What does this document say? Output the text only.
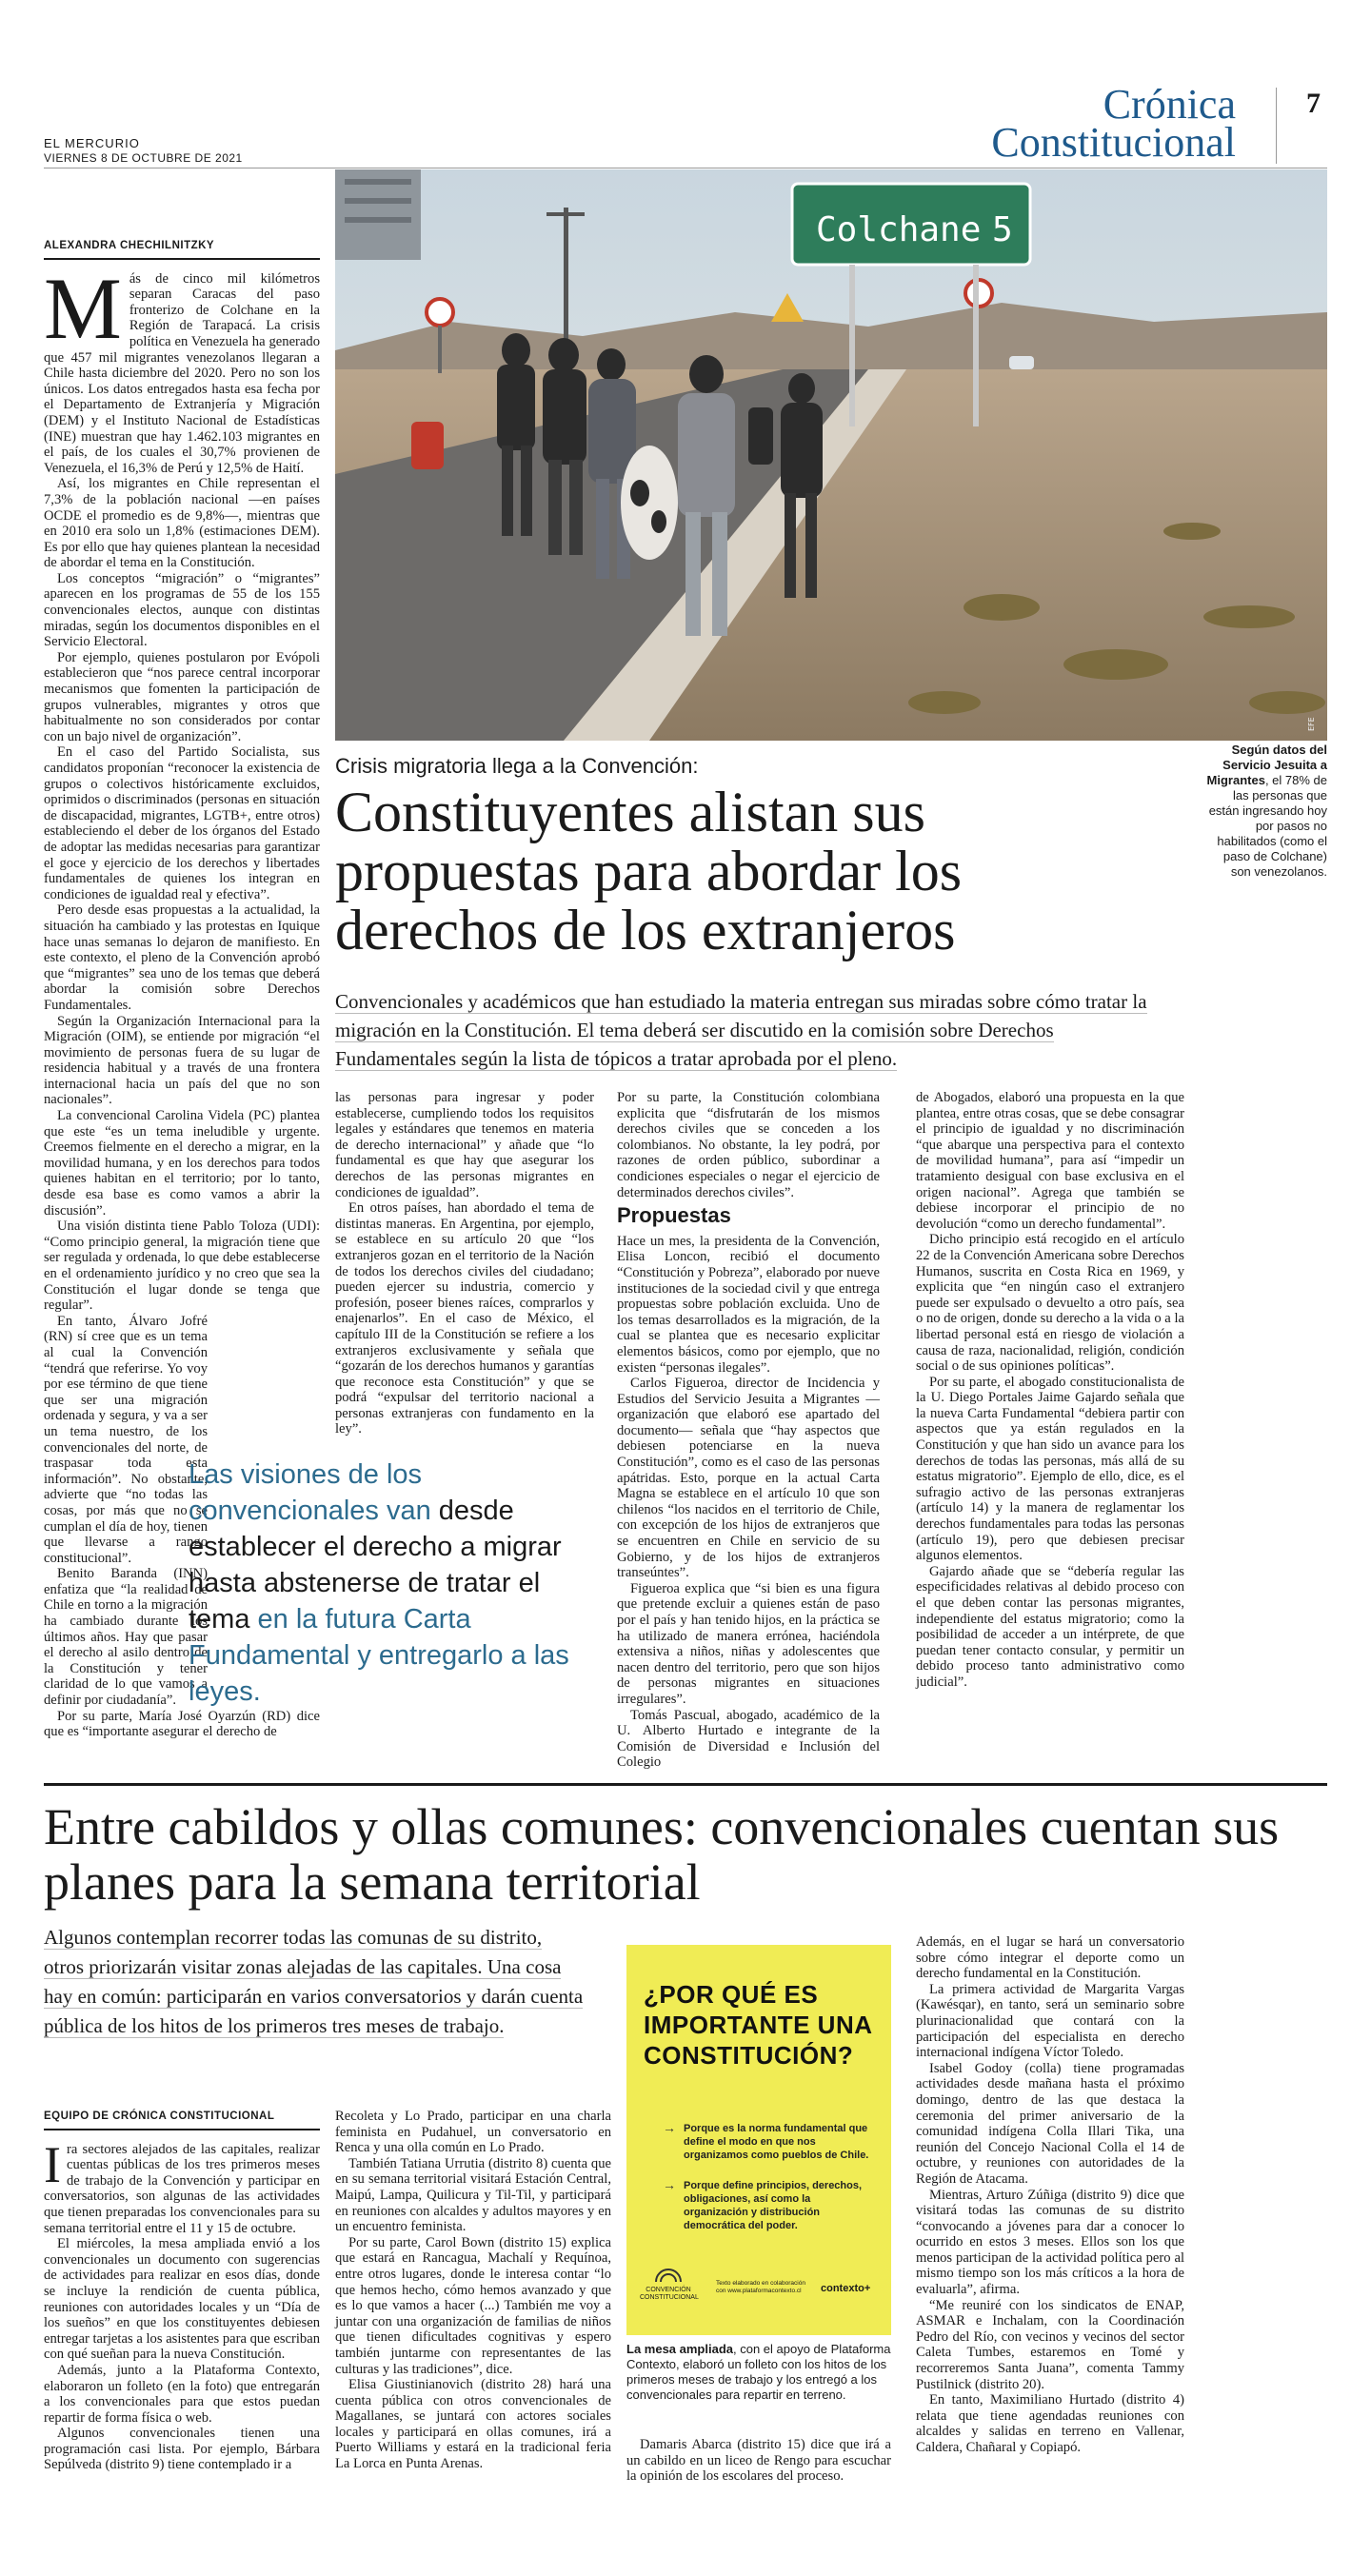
EL MERCURIO
VIERNES 8 DE OCTUBRE DE 2021
Crónica
Constitucional
7
Colchane 5
EFE
Según datos del Servicio Jesuita a Migrantes, el 78% de las personas que están ingresando hoy por pasos no habilitados (como el paso de Colchane) son venezolanos.
ALEXANDRA CHECHILNITZKY

Más de cinco mil kilómetros separan Caracas del paso fronterizo de Colchane en la Región de Tarapacá. La crisis política en Venezuela ha generado que 457 mil migrantes venezolanos llegaran a Chile hasta diciembre del 2020. Pero no son los únicos. Los datos entregados hasta esa fecha por el Departamento de Extranjería y Migración (DEM) y el Instituto Nacional de Estadísticas (INE) muestran que hay 1.462.103 migrantes en el país, de los cuales el 30,7% provienen de Venezuela, el 16,3% de Perú y 12,5% de Haití.

Así, los migrantes en Chile representan el 7,3% de la población nacional —en países OCDE el promedio es de 9,8%—, mientras que en 2010 era solo un 1,8% (estimaciones DEM). Es por ello que hay quienes plantean la necesidad de abordar el tema en la Constitución.

Los conceptos “migración” o “migrantes” aparecen en los programas de 55 de los 155 convencionales electos, aunque con distintas miradas, según los documentos disponibles en el Servicio Electoral.

Por ejemplo, quienes postularon por Evópoli establecieron que “nos parece central incorporar mecanismos que fomenten la participación de grupos vulnerables, migrantes y otros que habitualmente no son considerados por contar con un bajo nivel de organización”.

En el caso del Partido Socialista, sus candidatos proponían “reconocer la existencia de grupos o colectivos históricamente excluidos, oprimidos o discriminados (personas en situación de discapacidad, migrantes, LGTB+, entre otros) estableciendo el deber de los órganos del Estado de adoptar las medidas necesarias para garantizar el goce y ejercicio de los derechos y libertades fundamentales de quienes los integran en condiciones de igualdad real y efectiva”.

Pero desde esas propuestas a la actualidad, la situación ha cambiado y las protestas en Iquique hace unas semanas lo dejaron de manifiesto. En este contexto, el pleno de la Convención aprobó que “migrantes” sea uno de los temas que deberá abordar la comisión sobre Derechos Fundamentales.

Según la Organización Internacional para la Migración (OIM), se entiende por migración “el movimiento de personas fuera de su lugar de residencia habitual y a través de una frontera internacional hacia un país del que no son nacionales”.

La convencional Carolina Videla (PC) plantea que este “es un tema ineludible y urgente. Creemos fielmente en el derecho a migrar, en la movilidad humana, y en los derechos para todos quienes habitan en el territorio; por lo tanto, desde esa base es como vamos a abrir la discusión”.

Una visión distinta tiene Pablo Toloza (UDI): “Como principio general, la migración tiene que ser regulada y ordenada, lo que debe establecerse en el ordenamiento jurídico y no creo que sea la Constitución el lugar donde se tenga que regular”.

En tanto, Álvaro Jofré (RN) sí cree que es un tema al cual la Convención “tendrá que referirse. Yo voy por ese término de que tiene que ser una migración ordenada y segura, y va a ser un tema nuestro, de los convencionales del norte, de traspasar toda esta información”. No obstante, advierte que “no todas las cosas, por más que no se cumplan el día de hoy, tienen que llevarse a rango constitucional”.

Benito Baranda (INN) enfatiza que “la realidad de Chile en torno a la migración ha cambiado durante los últimos años. Hay que pasar el derecho al asilo dentro de la Constitución y tener claridad de lo que vamos a definir por ciudadanía”.

Por su parte, María José Oyarzún (RD) dice que es “importante asegurar el derecho de

Crisis migratoria llega a la Convención:
Constituyentes alistan sus propuestas para abordar los derechos de los extranjeros
Convencionales y académicos que han estudiado la materia entregan sus miradas sobre cómo tratar la migración en la Constitución. El tema deberá ser discutido en la comisión sobre Derechos Fundamentales según la lista de tópicos a tratar aprobada por el pleno.

las personas para ingresar y poder establecerse, cumpliendo todos los requisitos legales y estándares que tenemos en materia de derecho internacional” y añade que “lo fundamental es que hay que asegurar los derechos de las personas migrantes en condiciones de igualdad”.

En otros países, han abordado el tema de distintas maneras. En Argentina, por ejemplo, se establece en su artículo 20 que “los extranjeros gozan en el territorio de la Nación de todos los derechos civiles del ciudadano; pueden ejercer su industria, comercio y profesión, poseer bienes raíces, comprarlos y enajenarlos”. En el caso de México, el capítulo III de la Constitución se refiere a los extranjeros exclusivamente y señala que “gozarán de los derechos humanos y garantías que reconoce esta Constitución” y que se podrá “expulsar del territorio nacional a personas extranjeras con fundamento en la ley”.

Las visiones de los convencionales van desde establecer el derecho a migrar hasta abstenerse de tratar el tema en la futura Carta Fundamental y entregarlo a las leyes.

Por su parte, la Constitución colombiana explicita que “disfrutarán de los mismos derechos civiles que se conceden a los colombianos. No obstante, la ley podrá, por razones de orden público, subordinar a condiciones especiales o negar el ejercicio de determinados derechos civiles”.

Propuestas

Hace un mes, la presidenta de la Convención, Elisa Loncon, recibió el documento “Constitución y Pobreza”, elaborado por nueve instituciones de la sociedad civil y que entrega propuestas sobre población excluida. Uno de los temas desarrollados es la migración, de la cual se plantea que es necesario explicitar elementos básicos, como por ejemplo, que no existen “personas ilegales”.

Carlos Figueroa, director de Incidencia y Estudios del Servicio Jesuita a Migrantes —organización que elaboró ese apartado del documento— señala que “hay aspectos que debiesen potenciarse en la nueva Constitución”, como es el caso de las personas apátridas. Esto, porque en la actual Carta Magna se establece en el artículo 10 que son chilenos “los nacidos en el territorio de Chile, con excepción de los hijos de extranjeros que se encuentren en Chile en servicio de su Gobierno, y de los hijos de extranjeros transeúntes”.

Figueroa explica que “si bien es una figura que pretende excluir a quienes están de paso por el país y han tenido hijos, en la práctica se ha utilizado de manera errónea, haciéndola extensiva a niños, niñas y adolescentes que nacen dentro del territorio, pero que son hijos de personas migrantes en situaciones irregulares”.

Tomás Pascual, abogado, académico de la U. Alberto Hurtado e integrante de la Comisión de Diversidad e Inclusión del Colegio

de Abogados, elaboró una propuesta en la que plantea, entre otras cosas, que se debe consagrar el principio de igualdad y no discriminación “que abarque una perspectiva para el contexto de movilidad humana”, para así “impedir un tratamiento desigual con base exclusiva en el origen nacional”. Agrega que también se debiese incorporar el principio de no devolución “como un derecho fundamental”.

Dicho principio está recogido en el artículo 22 de la Convención Americana sobre Derechos Humanos, suscrita en Costa Rica en 1969, y explicita que “en ningún caso el extranjero puede ser expulsado o devuelto a otro país, sea o no de origen, donde su derecho a la vida o a la libertad personal está en riesgo de violación a causa de raza, nacionalidad, religión, condición social o de sus opiniones políticas”.

Por su parte, el abogado constitucionalista de la U. Diego Portales Jaime Gajardo señala que la nueva Carta Fundamental “debiera partir con aspectos que ya están regulados en la Constitución y que han sido un avance para los derechos de todas las personas, más allá de su estatus migratorio”. Ejemplo de ello, dice, es el sufragio activo de las personas extranjeras (artículo 14) y la manera de reglamentar los derechos fundamentales para todas las personas (artículo 19), pero que debiesen precisar algunos elementos.

Gajardo añade que se “debería regular las especificidades relativas al debido proceso con el que deben contar las personas migrantes, independiente del estatus migratorio; como la posibilidad de acceder a un intérprete, de que puedan tener contacto consular, y permitir un debido proceso tanto administrativo como judicial”.

Entre cabildos y ollas comunes: convencionales cuentan sus planes para la semana territorial
Algunos contemplan recorrer todas las comunas de su distrito, otros priorizarán visitar zonas alejadas de las capitales. Una cosa hay en común: participarán en varios conversatorios y darán cuenta pública de los hitos de los primeros tres meses de trabajo.
EQUIPO DE CRÓNICA CONSTITUCIONAL

Ira sectores alejados de las capitales, realizar cuentas públicas de los tres primeros meses de trabajo de la Convención y participar en conversatorios, son algunas de las actividades que tienen preparadas los convencionales para su semana territorial entre el 11 y 15 de octubre.

El miércoles, la mesa ampliada envió a los convencionales un documento con sugerencias de actividades para realizar en esos días, donde se incluye la rendición de cuenta pública, reuniones con autoridades locales y un “Día de los sueños” en que los constituyentes debiesen entregar tarjetas a los asistentes para que escriban con qué sueñan para la nueva Constitución.

Además, junto a la Plataforma Contexto, elaboraron un folleto (en la foto) que entregarán a los convencionales para que estos puedan repartir de forma física o web.

Algunos convencionales tienen una programación casi lista. Por ejemplo, Bárbara Sepúlveda (distrito 9) tiene contemplado ir a

Recoleta y Lo Prado, participar en una charla feminista en Pudahuel, un conversatorio en Renca y una olla común en Lo Prado.

También Tatiana Urrutia (distrito 8) cuenta que en su semana territorial visitará Estación Central, Maipú, Lampa, Quilicura y Til-Til, y participará en reuniones con alcaldes y adultos mayores y en un encuentro feminista.

Por su parte, Carol Bown (distrito 15) explica que estará en Rancagua, Machalí y Requínoa, entre otros lugares, donde le interesa contar “lo que hemos hecho, cómo hemos avanzado y que es lo que vamos a hacer (...) También me voy a juntar con una organización de familias de niños que tienen dificultades cognitivas y espero también juntarme con representantes de las culturas y las tradiciones”, dice.

Elisa Giustinianovich (distrito 28) hará una cuenta pública con otros convencionales de Magallanes, se juntará con actores sociales locales y participará en ollas comunes, irá a Puerto Williams y estará en la tradicional feria La Lorca en Punta Arenas.

¿POR QUÉ ES IMPORTANTE UNA CONSTITUCIÓN?
→ Porque es la norma fundamental que define el modo en que nos organizamos como pueblos de Chile.
→ Porque define principios, derechos, obligaciones, así como la organización y distribución democrática del poder.
CONVENCIÓN CONSTITUCIONAL
Texto elaborado en colaboración con www.plataformacontexto.cl	contexto+
La mesa ampliada, con el apoyo de Plataforma Contexto, elaboró un folleto con los hitos de los primeros meses de trabajo y los entregó a los convencionales para repartir en terreno.

Damaris Abarca (distrito 15) dice que irá a un cabildo en un liceo de Rengo para escuchar la opinión de los escolares del proceso.

Además, en el lugar se hará un conversatorio sobre cómo integrar el deporte como un derecho fundamental en la Constitución.

La primera actividad de Margarita Vargas (Kawésqar), en tanto, será un seminario sobre plurinacionalidad que contará con la participación del especialista en derecho internacional indígena Víctor Toledo.

Isabel Godoy (colla) tiene programadas actividades desde mañana hasta el próximo domingo, dentro de las que destaca la ceremonia del primer aniversario de la comunidad indígena Colla Illari Tika, una reunión del Concejo Nacional Colla el 14 de octubre, y reuniones con autoridades de la Región de Atacama.

Mientras, Arturo Zúñiga (distrito 9) dice que visitará todas las comunas de su distrito “convocando a jóvenes para dar a conocer lo ocurrido en estos 3 meses. Ellos son los que menos participan de la actividad política pero al mismo tiempo son los más críticos a la hora de evaluarla”, afirma.

“Me reuniré con los sindicatos de ENAP, ASMAR e Inchalam, con la Coordinación Pedro del Río, con vecinos y vecinos del sector Caleta Tumbes, estaremos en Tomé y recorreremos Santa Juana”, comenta Tammy Pustilnick (distrito 20).

En tanto, Maximiliano Hurtado (distrito 4) relata que tiene agendadas reuniones con alcaldes y salidas en terreno en Vallenar, Caldera, Chañaral y Copiapó.
